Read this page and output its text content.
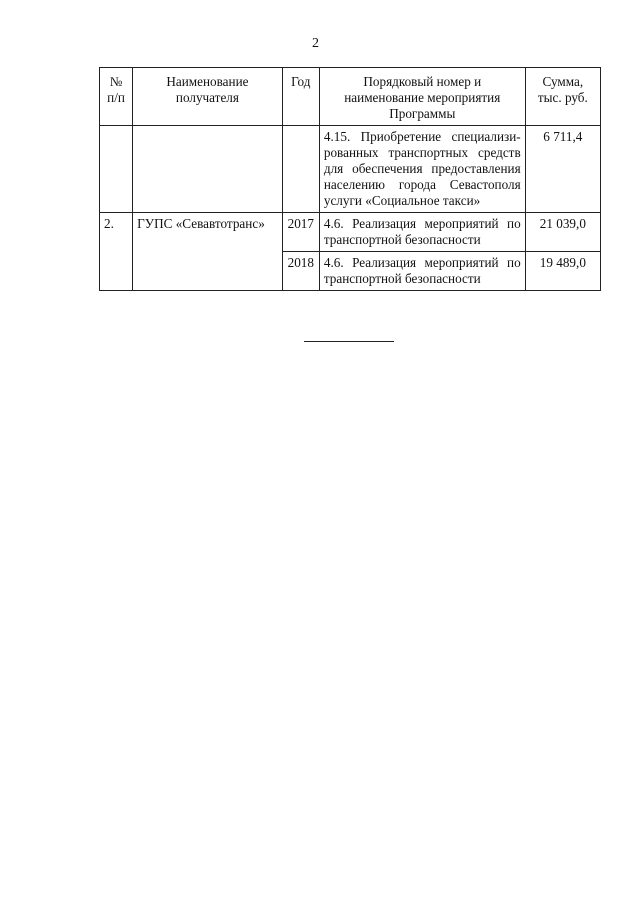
2
№ п/п	Наименование получателя	Год	Порядковый номер и наименование мероприятия Программы	Сумма, тыс. руб.
			4.15. Приобретение специализи-рованных транспортных средств для обеспечения предоставления населению города Севастополя услуги «Социальное такси»	6 711,4
2.	ГУПС «Севавтотранс»	2017	4.6. Реализация мероприятий по транспортной безопасности	21 039,0
		2018	4.6. Реализация мероприятий по транспортной безопасности	19 489,0
